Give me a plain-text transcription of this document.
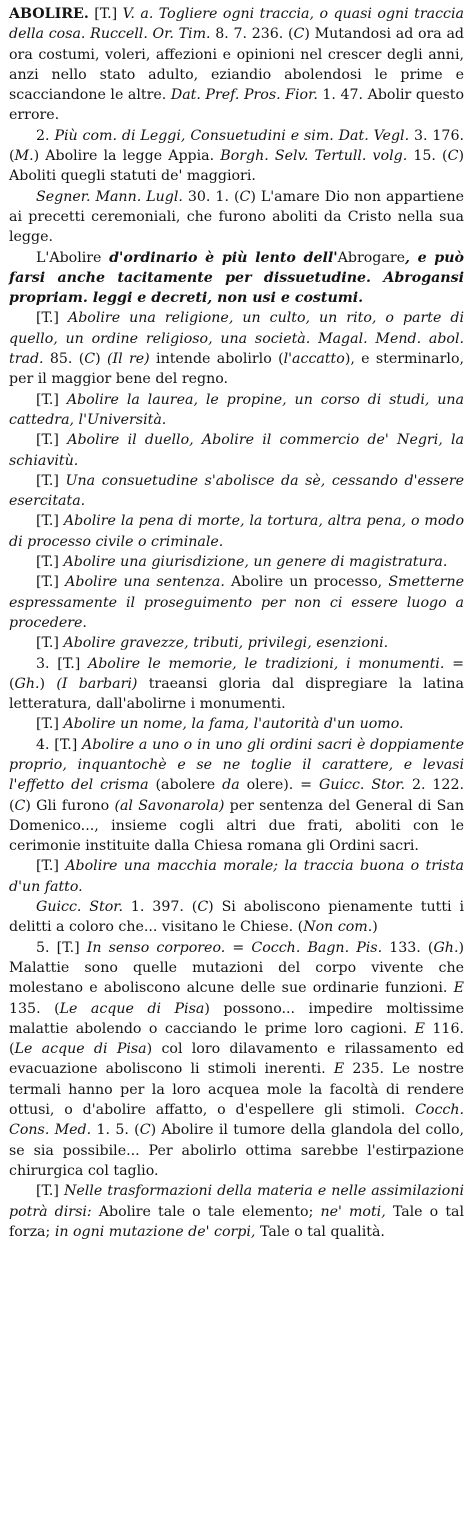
ABOLIRE. [T.] V. a. Togliere ogni traccia, o quasi ogni traccia della cosa. Ruccell. Or. Tim. 8. 7. 236. (C) Mutandosi ad ora ad ora costumi, voleri, affezioni e opinioni nel crescer degli anni, anzi nello stato adulto, eziandio abolendosi le prime e scacciandone le altre. Dat. Pref. Pros. Fior. 1. 47. Abolir questo errore.

2. Più com. di Leggi, Consuetudini e sim. Dat. Vegl. 3. 176. (M.) Abolire la legge Appia. Borgh. Selv. Tertull. volg. 15. (C) Aboliti quegli statuti de' maggiori.

Segner. Mann. Lugl. 30. 1. (C) L'amare Dio non appartiene ai precetti ceremoniali, che furono aboliti da Cristo nella sua legge.

L'Abolire d'ordinario è più lento dell'Abrogare, e può farsi anche tacitamente per dissuetudine. Abrogansi propriam. leggi e decreti, non usi e costumi.

[T.] Abolire una religione, un culto, un rito, o parte di quello, un ordine religioso, una società. Magal. Mend. abol. trad. 85. (C) (Il re) intende abolirlo (l'accatto), e sterminarlo, per il maggior bene del regno.

[T.] Abolire la laurea, le propine, un corso di studi, una cattedra, l'Università.

[T.] Abolire il duello, Abolire il commercio de' Negri, la schiavitù.

[T.] Una consuetudine s'abolisce da sè, cessando d'essere esercitata.

[T.] Abolire la pena di morte, la tortura, altra pena, o modo di processo civile o criminale.

[T.] Abolire una giurisdizione, un genere di magistratura.

[T.] Abolire una sentenza. Abolire un processo, Smetterne espressamente il proseguimento per non ci essere luogo a procedere.

[T.] Abolire gravezze, tributi, privilegi, esenzioni.

3. [T.] Abolire le memorie, le tradizioni, i monumenti. = (Gh.) (I barbari) traeansi gloria dal dispregiare la latina letteratura, dall'abolirne i monumenti.

[T.] Abolire un nome, la fama, l'autorità d'un uomo.

4. [T.] Abolire a uno o in uno gli ordini sacri è doppiamente proprio, inquantochè e se ne toglie il carattere, e levasi l'effetto del crisma (abolere da olere). = Guicc. Stor. 2. 122. (C) Gli furono (al Savonarola) per sentenza del General di San Domenico..., insieme cogli altri due frati, aboliti con le cerimonie instituite dalla Chiesa romana gli Ordini sacri.

[T.] Abolire una macchia morale; la traccia buona o trista d'un fatto.

Guicc. Stor. 1. 397. (C) Si aboliscono pienamente tutti i delitti a coloro che... visitano le Chiese. (Non com.)

5. [T.] In senso corporeo. = Cocch. Bagn. Pis. 133. (Gh.) Malattie sono quelle mutazioni del corpo vivente che molestano e aboliscono alcune delle sue ordinarie funzioni. E 135. (Le acque di Pisa) possono... impedire moltissime malattie abolendo o cacciando le prime loro cagioni. E 116. (Le acque di Pisa) col loro dilavamento e rilassamento ed evacuazione aboliscono li stimoli inerenti. E 235. Le nostre termali hanno per la loro acquea mole la facoltà di rendere ottusi, o d'abolire affatto, o d'espellere gli stimoli. Cocch. Cons. Med. 1. 5. (C) Abolire il tumore della glandola del collo, se sia possibile... Per abolirlo ottima sarebbe l'estirpazione chirurgica col taglio.

[T.] Nelle trasformazioni della materia e nelle assimilazioni potrà dirsi: Abolire tale o tale elemento; ne' moti, Tale o tal forza; in ogni mutazione de' corpi, Tale o tal qualità.
